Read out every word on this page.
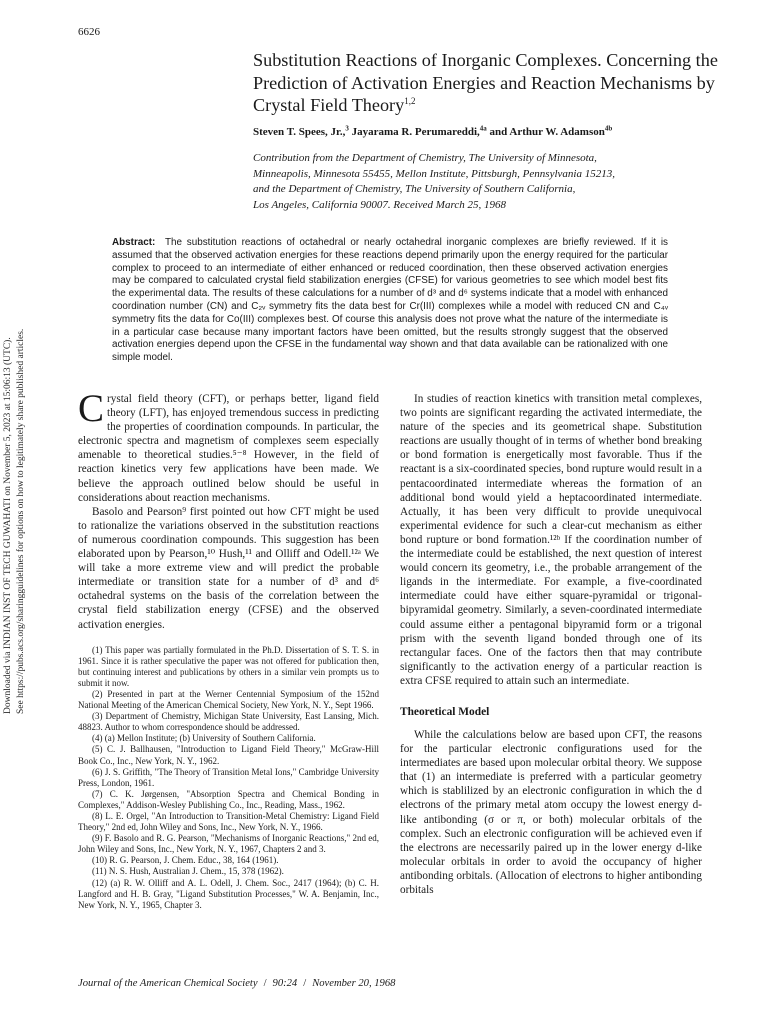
6626
Downloaded via INDIAN INST OF TECH GUWAHATI on November 5, 2023 at 15:06:13 (UTC). See https://pubs.acs.org/sharingguidelines for options on how to legitimately share published articles.
Substitution Reactions of Inorganic Complexes. Concerning the Prediction of Activation Energies and Reaction Mechanisms by Crystal Field Theory$^{1,2}$
Steven T. Spees, Jr.,$^3$ Jayarama R. Perumareddi,$^{4a}$ and Arthur W. Adamson$^{4b}$
Contribution from the Department of Chemistry, The University of Minnesota,
Minneapolis, Minnesota 55455, Mellon Institute, Pittsburgh, Pennsylvania 15213,
and the Department of Chemistry, The University of Southern California,
Los Angeles, California 90007. Received March 25, 1968
Abstract: The substitution reactions of octahedral or nearly octahedral inorganic complexes are briefly reviewed. If it is assumed that the observed activation energies for these reactions depend primarily upon the energy required for the particular complex to proceed to an intermediate of either enhanced or reduced coordination, then these observed activation energies may be compared to calculated crystal field stabilization energies (CFSE) for various geometries to see which model best fits the experimental data. The results of these calculations for a number of d³ and d⁶ systems indicate that a model with enhanced coordination number (CN) and C₂ᵥ symmetry fits the data best for Cr(III) complexes while a model with reduced CN and C₄ᵥ symmetry fits the data for Co(III) complexes best. Of course this analysis does not prove what the nature of the intermediate is in a particular case because many important factors have been omitted, but the results strongly suggest that the observed activation energies depend upon the CFSE in the fundamental way shown and that data available can be rationalized with one simple model.

Crystal field theory (CFT), or perhaps better, ligand field theory (LFT), has enjoyed tremendous success in predicting the properties of coordination compounds. In particular, the electronic spectra and magnetism of complexes seem especially amenable to theoretical studies.⁵⁻⁸ However, in the field of reaction kinetics very few applications have been made. We believe the approach outlined below should be useful in considerations about reaction mechanisms.

Basolo and Pearson⁹ first pointed out how CFT might be used to rationalize the variations observed in the substitution reactions of numerous coordination compounds. This suggestion has been elaborated upon by Pearson,¹⁰ Hush,¹¹ and Olliff and Odell.¹²ᵃ We will take a more extreme view and will predict the probable intermediate or transition state for a number of d³ and d⁶ octahedral systems on the basis of the correlation between the crystal field stabilization energy (CFSE) and the observed activation energies.

(1) This paper was partially formulated in the Ph.D. Dissertation of S. T. S. in 1961. Since it is rather speculative the paper was not offered for publication then, but continuing interest and publications by others in a similar vein prompts us to submit it now.

(2) Presented in part at the Werner Centennial Symposium of the 152nd National Meeting of the American Chemical Society, New York, N. Y., Sept 1966.

(3) Department of Chemistry, Michigan State University, East Lansing, Mich. 48823. Author to whom correspondence should be addressed.

(4) (a) Mellon Institute; (b) University of Southern California.

(5) C. J. Ballhausen, "Introduction to Ligand Field Theory," McGraw-Hill Book Co., Inc., New York, N. Y., 1962.

(6) J. S. Griffith, "The Theory of Transition Metal Ions," Cambridge University Press, London, 1961.

(7) C. K. Jørgensen, "Absorption Spectra and Chemical Bonding in Complexes," Addison-Wesley Publishing Co., Inc., Reading, Mass., 1962.

(8) L. E. Orgel, "An Introduction to Transition-Metal Chemistry: Ligand Field Theory," 2nd ed, John Wiley and Sons, Inc., New York, N. Y., 1966.

(9) F. Basolo and R. G. Pearson, "Mechanisms of Inorganic Reactions," 2nd ed, John Wiley and Sons, Inc., New York, N. Y., 1967, Chapters 2 and 3.

(10) R. G. Pearson, J. Chem. Educ., 38, 164 (1961).

(11) N. S. Hush, Australian J. Chem., 15, 378 (1962).

(12) (a) R. W. Olliff and A. L. Odell, J. Chem. Soc., 2417 (1964); (b) C. H. Langford and H. B. Gray, "Ligand Substitution Processes," W. A. Benjamin, Inc., New York, N. Y., 1965, Chapter 3.

In studies of reaction kinetics with transition metal complexes, two points are significant regarding the activated intermediate, the nature of the species and its geometrical shape. Substitution reactions are usually thought of in terms of whether bond breaking or bond formation is energetically most favorable. Thus if the reactant is a six-coordinated species, bond rupture would result in a pentacoordinated intermediate whereas the formation of an additional bond would yield a heptacoordinated intermediate. Actually, it has been very difficult to provide unequivocal experimental evidence for such a clear-cut mechanism as either bond rupture or bond formation.¹²ᵇ If the coordination number of the intermediate could be established, the next question of interest would concern its geometry, i.e., the probable arrangement of the ligands in the intermediate. For example, a five-coordinated intermediate could have either square-pyramidal or trigonal-bipyramidal geometry. Similarly, a seven-coordinated intermediate could assume either a pentagonal bipyramid form or a trigonal prism with the seventh ligand bonded through one of its rectangular faces. One of the factors then that may contribute significantly to the activation energy of a particular reaction is extra CFSE required to attain such an intermediate.

Theoretical Model

While the calculations below are based upon CFT, the reasons for the particular electronic configurations used for the intermediates are based upon molecular orbital theory. We suppose that (1) an intermediate is preferred with a particular geometry which is stablilized by an electronic configuration in which the d electrons of the primary metal atom occupy the lowest energy d-like antibonding (σ or π, or both) molecular orbitals of the complex. Such an electronic configuration will be achieved even if the electrons are necessarily paired up in the lower energy d-like molecular orbitals in order to avoid the occupancy of higher antibonding orbitals. (Allocation of electrons to higher antibonding orbitals

Journal of the American Chemical Society / 90:24 / November 20, 1968
